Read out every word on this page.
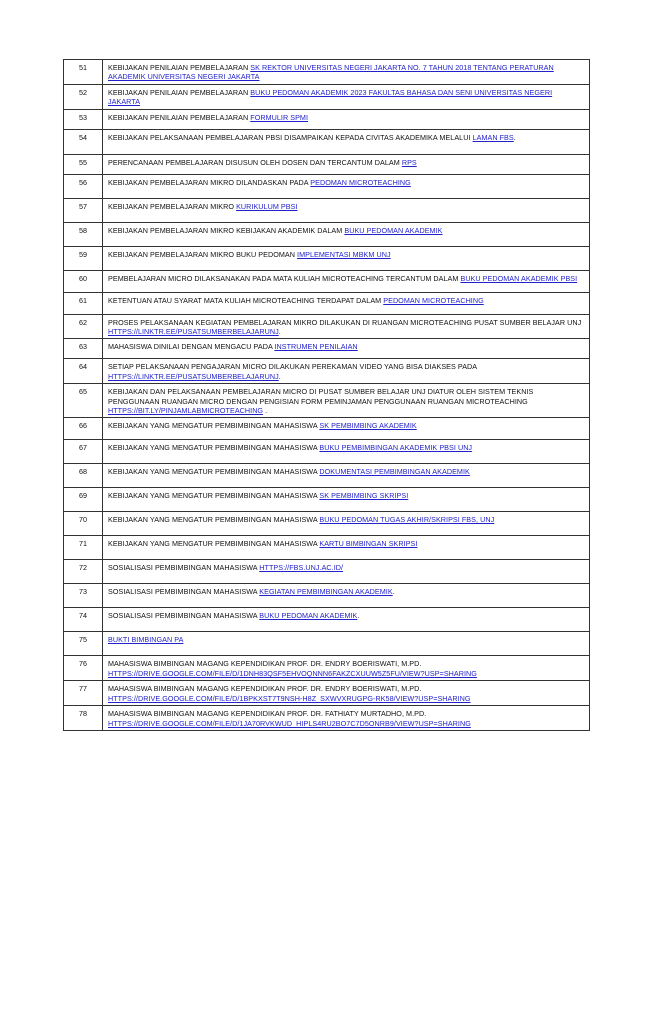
51	KEBIJAKAN PENILAIAN PEMBELAJARAN SK REKTOR UNIVERSITAS NEGERI JAKARTA NO. 7 TAHUN 2018 TENTANG PERATURAN AKADEMIK UNIVERSITAS NEGERI JAKARTA
52	KEBIJAKAN PENILAIAN PEMBELAJARAN BUKU PEDOMAN AKADEMIK 2023 FAKULTAS BAHASA DAN SENI UNIVERSITAS NEGERI JAKARTA
53	KEBIJAKAN PENILAIAN PEMBELAJARAN FORMULIR SPMI
54	KEBIJAKAN PELAKSANAAN PEMBELAJARAN PBSI DISAMPAIKAN KEPADA CIVITAS AKADEMIKA MELALUI LAMAN FBS.
55	PERENCANAAN PEMBELAJARAN DISUSUN OLEH DOSEN DAN TERCANTUM DALAM RPS
56	KEBIJAKAN PEMBELAJARAN MIKRO DILANDASKAN PADA PEDOMAN MICROTEACHING
57	KEBIJAKAN PEMBELAJARAN MIKRO KURIKULUM PBSI
58	KEBIJAKAN PEMBELAJARAN MIKRO KEBIJAKAN AKADEMIK DALAM BUKU PEDOMAN AKADEMIK
59	KEBIJAKAN PEMBELAJARAN MIKRO BUKU PEDOMAN IMPLEMENTASI MBKM UNJ
60	PEMBELAJARAN MICRO DILAKSANAKAN PADA MATA KULIAH MICROTEACHING TERCANTUM DALAM BUKU PEDOMAN AKADEMIK PBSI
61	KETENTUAN ATAU SYARAT MATA KULIAH MICROTEACHING TERDAPAT DALAM PEDOMAN MICROTEACHING
62	PROSES PELAKSANAAN KEGIATAN PEMBELAJARAN MIKRO DILAKUKAN DI RUANGAN MICROTEACHING PUSAT SUMBER BELAJAR UNJ HTTPS://LINKTR.EE/PUSATSUMBERBELAJARUNJ.
63	MAHASISWA DINILAI DENGAN MENGACU PADA INSTRUMEN PENILAIAN
64	SETIAP PELAKSANAAN PENGAJARAN MICRO DILAKUKAN PEREKAMAN VIDEO YANG BISA DIAKSES PADA HTTPS://LINKTR.EE/PUSATSUMBERBELAJARUNJ.
65	KEBIJAKAN DAN PELAKSANAAN PEMBELAJARAN MICRO DI PUSAT SUMBER BELAJAR UNJ DIATUR OLEH SISTEM TEKNIS PENGGUNAAN RUANGAN MICRO DENGAN PENGISIAN FORM PEMINJAMAN PENGGUNAAN RUANGAN MICROTEACHING HTTPS://BIT.LY/PINJAMLABMICROTEACHING .
66	KEBIJAKAN YANG MENGATUR PEMBIMBINGAN MAHASISWA SK PEMBIMBING AKADEMIK
67	KEBIJAKAN YANG MENGATUR PEMBIMBINGAN MAHASISWA BUKU PEMBIMBINGAN AKADEMIK PBSI UNJ
68	KEBIJAKAN YANG MENGATUR PEMBIMBINGAN MAHASISWA DOKUMENTASI PEMBIMBINGAN AKADEMIK
69	KEBIJAKAN YANG MENGATUR PEMBIMBINGAN MAHASISWA SK PEMBIMBING SKRIPSI
70	KEBIJAKAN YANG MENGATUR PEMBIMBINGAN MAHASISWA BUKU PEDOMAN TUGAS AKHIR/SKRIPSI FBS, UNJ
71	KEBIJAKAN YANG MENGATUR PEMBIMBINGAN MAHASISWA KARTU BIMBINGAN SKRIPSI
72	SOSIALISASI PEMBIMBINGAN MAHASISWA HTTPS://FBS.UNJ.AC.ID/
73	SOSIALISASI PEMBIMBINGAN MAHASISWA KEGIATAN PEMBIMBINGAN AKADEMIK.
74	SOSIALISASI PEMBIMBINGAN MAHASISWA BUKU PEDOMAN AKADEMIK.
75	BUKTI BIMBINGAN PA
76	MAHASISWA BIMBINGAN MAGANG KEPENDIDIKAN PROF. DR. ENDRY BOERISWATI, M.PD. HTTPS://DRIVE.GOOGLE.COM/FILE/D/1DNH83QSF5EHVOQNNN6FAKZCXUUW5Z5FU/VIEW?USP=SHARING
77	MAHASISWA BIMBINGAN MAGANG KEPENDIDIKAN PROF. DR. ENDRY BOERISWATI, M.PD. HTTPS://DRIVE.GOOGLE.COM/FILE/D/1BPKXST7T9NSH-H8Z_SXWVXRUGPG-RK58/VIEW?USP=SHARING
78	MAHASISWA BIMBINGAN MAGANG KEPENDIDIKAN PROF. DR. FATHIATY MURTADHO, M.PD. HTTPS://DRIVE.GOOGLE.COM/FILE/D/1JA70RVKWUD_HIPLS4RU2BO7C7D5ONRB9/VIEW?USP=SHARING
